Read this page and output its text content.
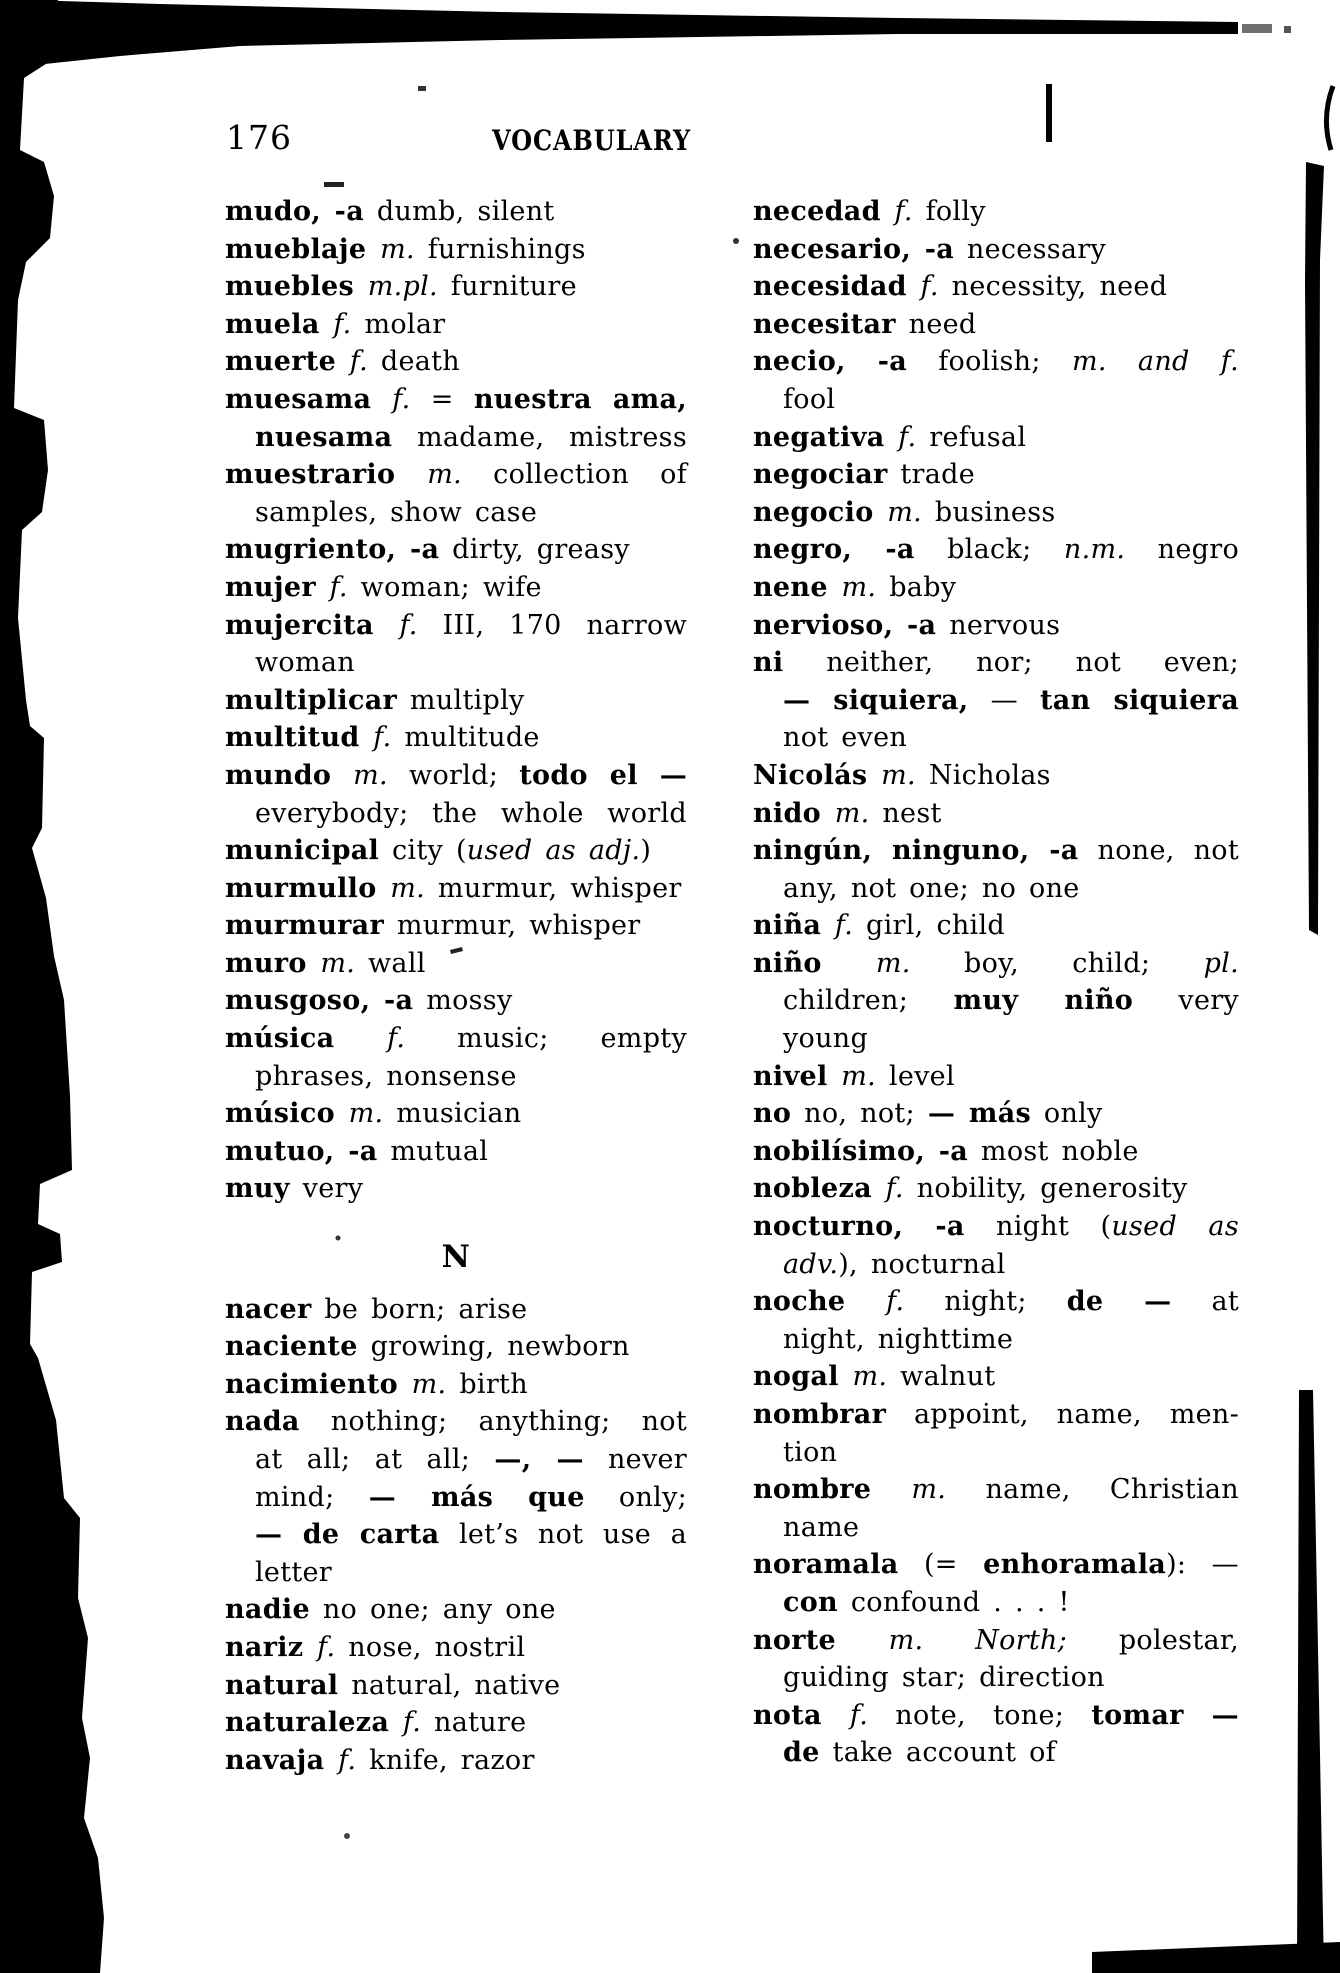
176	VOCABULARY
mudo, -a dumb, silent
mueblaje m. furnishings
muebles m.pl. furniture
muela f. molar
muerte f. death
muesama f. = nuestra ama,
nuesama madame, mistress
muestrario m. collection of
samples, show case
mugriento, -a dirty, greasy
mujer f. woman; wife
mujercita f. III, 170 narrow
woman
multiplicar multiply
multitud f. multitude
mundo m. world; todo el —
everybody; the whole world
municipal city (used as adj.)
murmullo m. murmur, whisper
murmurar murmur, whisper
muro m. wall
musgoso, -a mossy
música f. music; empty
phrases, nonsense
músico m. musician
mutuo, -a mutual
muy very
N
nacer be born; arise
naciente growing, newborn
nacimiento m. birth
nada nothing; anything; not
at all; at all; —, — never
mind; — más que only;
— de carta let’s not use a
letter
nadie no one; any one
nariz f. nose, nostril
natural natural, native
naturaleza f. nature
navaja f. knife, razor
necedad f. folly
necesario, -a necessary
necesidad f. necessity, need
necesitar need
necio, -a foolish; m. and f.
fool
negativa f. refusal
negociar trade
negocio m. business
negro, -a black; n.m. negro
nene m. baby
nervioso, -a nervous
ni neither, nor; not even;
— siquiera, — tan siquiera
not even
Nicolás m. Nicholas
nido m. nest
ningún, ninguno, -a none, not
any, not one; no one
niña f. girl, child
niño m. boy, child; pl.
children; muy niño very
young
nivel m. level
no no, not; — más only
nobilísimo, -a most noble
nobleza f. nobility, generosity
nocturno, -a night (used as
adv.), nocturnal
noche f. night; de — at
night, nighttime
nogal m. walnut
nombrar appoint, name, men-
tion
nombre m. name, Christian
name
noramala (= enhoramala): —
con confound . . . !
norte m. North; polestar,
guiding star; direction
nota f. note, tone; tomar —
de take account of
